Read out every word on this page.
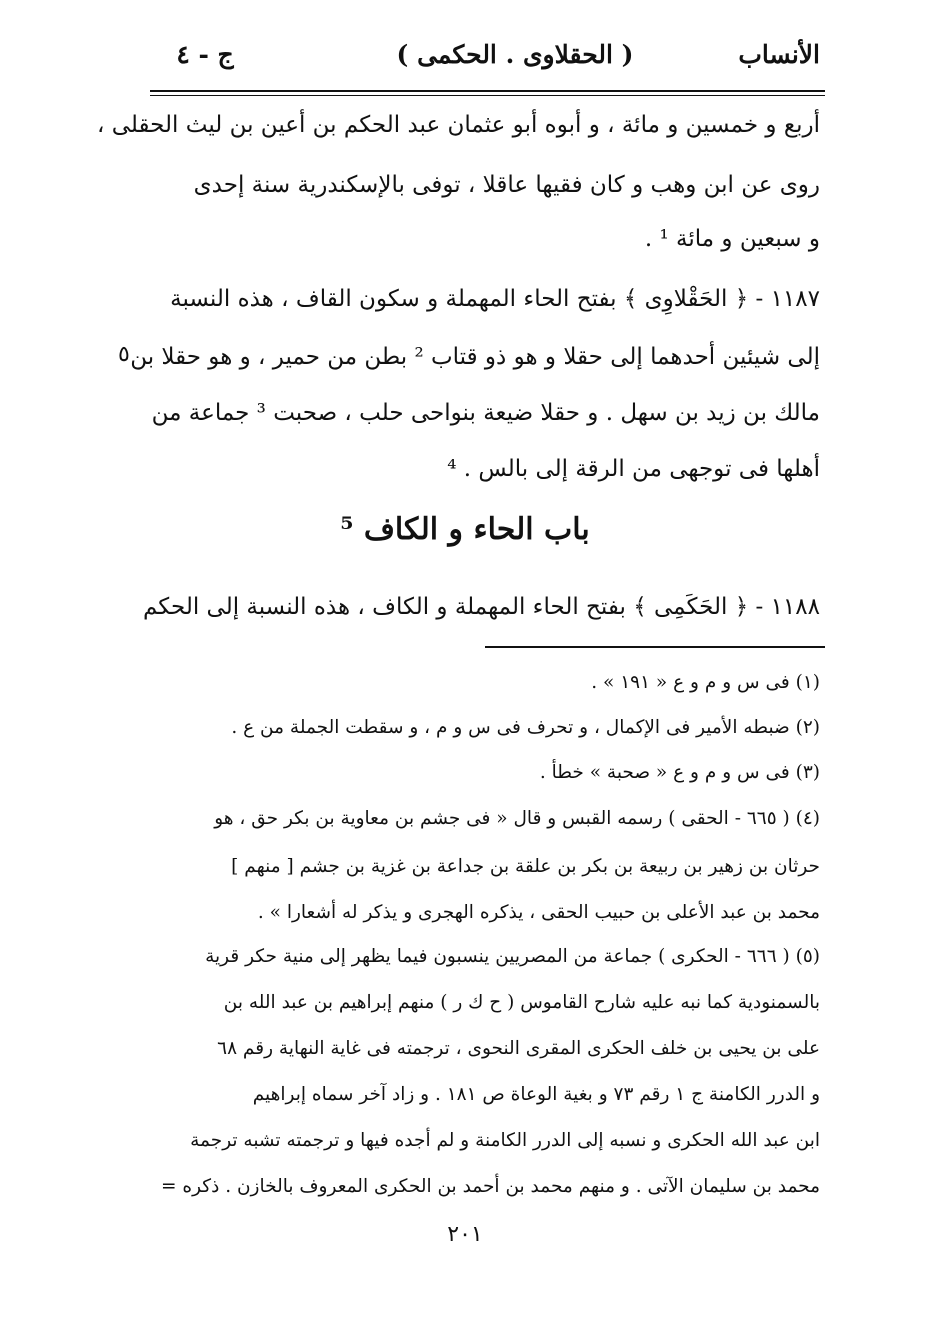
ج - ٤	( الحقلاوى . الحكمى )	الأنساب
أربع و خمسين و مائة ، و أبوه أبو عثمان عبد الحكم بن أعين بن ليث الحقلى ،
روى عن ابن وهب و كان فقيها عاقلا ، توفى بالإسكندرية سنة إحدى
و سبعين و مائة ¹ .
١١٨٧ - ﴿ الحَقْلاوِى ﴾ بفتح الحاء المهملة و سكون القاف ، هذه النسبة
إلى شيئين أحدهما إلى حقلا و هو ذو قتاب ² بطن من حمير ، و هو حقلا بن
مالك بن زيد بن سهل . و حقلا ضيعة بنواحى حلب ، صحبت ³ جماعة من
أهلها فى توجهى من الرقة إلى بالس . ⁴
٥
باب الحاء و الكاف ⁵
١١٨٨ - ﴿ الحَكَمِى ﴾ بفتح الحاء المهملة و الكاف ، هذه النسبة إلى الحكم
(١) فى س و م و ع « ١٩١ » .
(٢) ضبطه الأمير فى الإكمال ، و تحرف فى س و م ، و سقطت الجملة من ع .
(٣) فى س و م و ع « صحبة » خطأ .
(٤) ( ٦٦٥ - الحقى ) رسمه القبس و قال « فى جشم بن معاوية بن بكر حق ، هو
حرثان بن زهير بن ربيعة بن بكر بن علقة بن جداعة بن غزية بن جشم [ منهم ]
محمد بن عبد الأعلى بن حبيب الحقى ، يذكره الهجرى و يذكر له أشعارا » .
(٥) ( ٦٦٦ - الحكرى ) جماعة من المصريين ينسبون فيما يظهر إلى منية حكر قرية
بالسمنودية كما نبه عليه شارح القاموس ( ح ك ر ) منهم إبراهيم بن عبد الله بن
على بن يحيى بن خلف الحكرى المقرى النحوى ، ترجمته فى غاية النهاية رقم ٦٨
و الدرر الكامنة ج ١ رقم ٧٣ و بغية الوعاة ص ١٨١ . و زاد آخر سماه إبراهيم
ابن عبد الله الحكرى و نسبه إلى الدرر الكامنة و لم أجده فيها و ترجمته تشبه ترجمة
محمد بن سليمان الآتى . و منهم محمد بن أحمد بن الحكرى المعروف بالخازن . ذكره =
٢٠١
